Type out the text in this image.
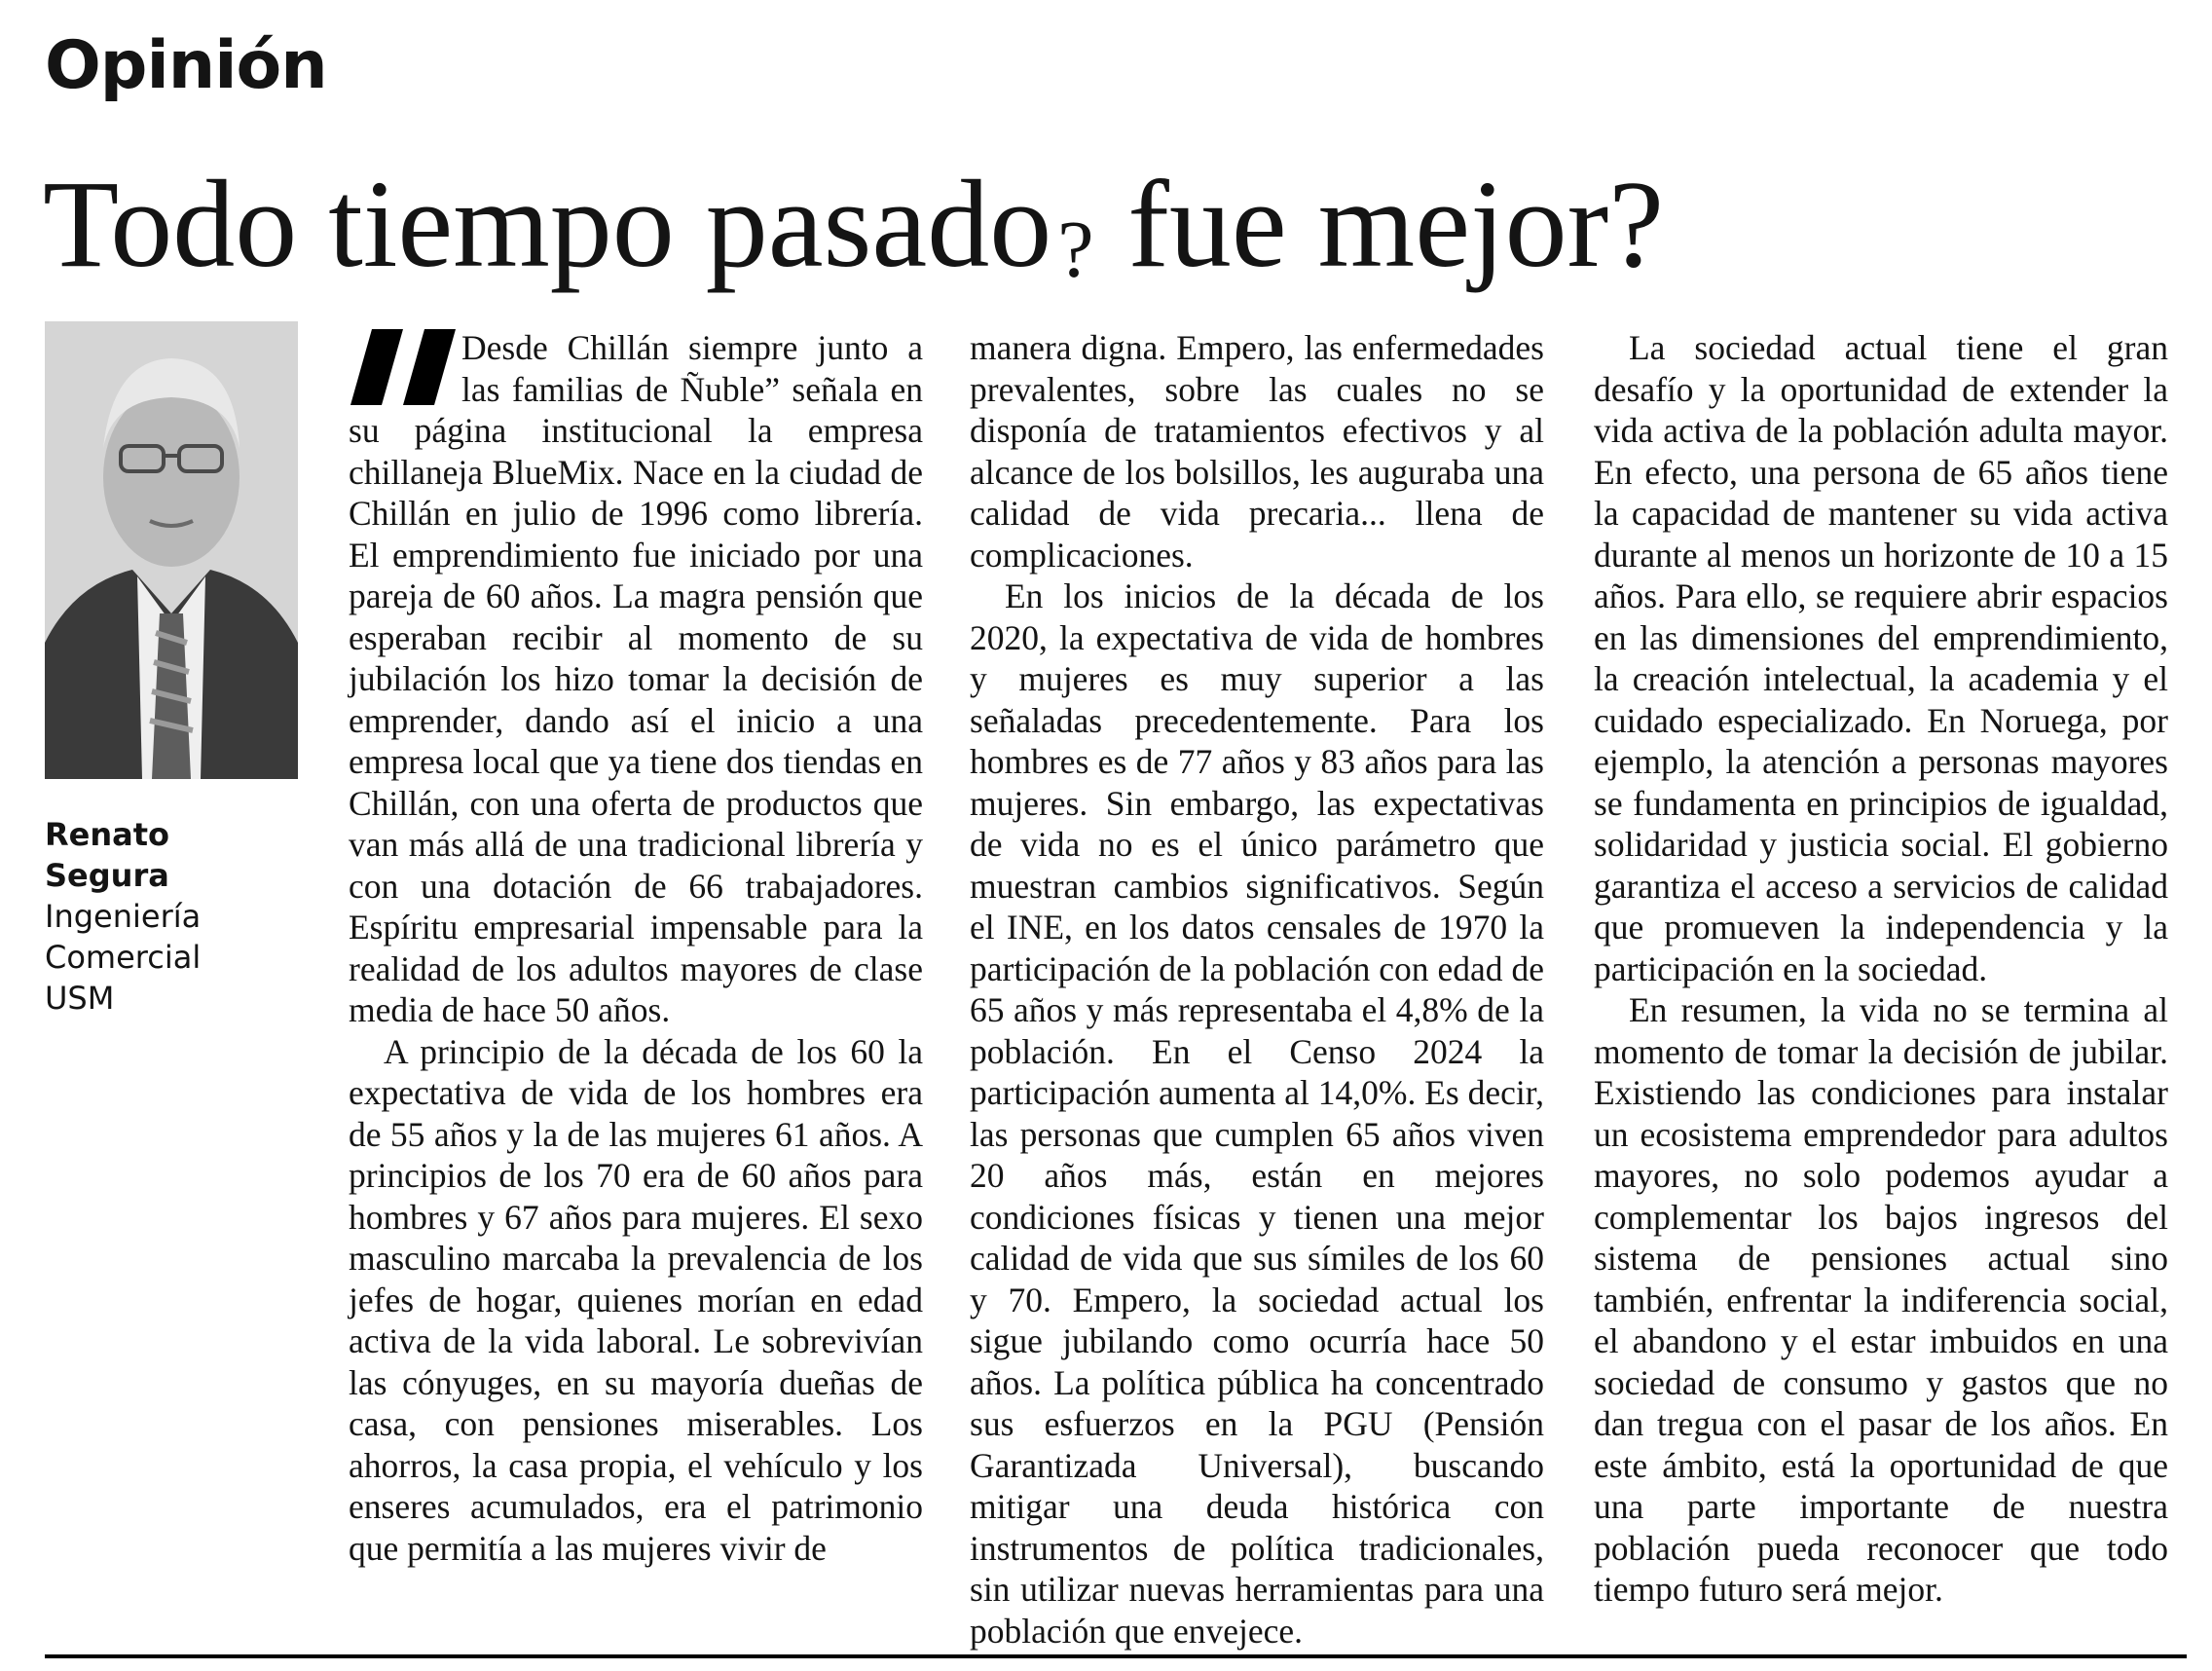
Opinión
Todo tiempo pasado ? fue mejor?
Renato
Segura
Ingeniería
Comercial
USM

Desde Chillán siempre junto a las familias de Ñuble” señala en su página institucional la empresa chillaneja BlueMix. Nace en la ciudad de Chillán en julio de 1996 como librería. El emprendimiento fue iniciado por una pareja de 60 años. La magra pensión que esperaban recibir al momento de su jubilación los hizo tomar la decisión de emprender, dando así el inicio a una empresa local que ya tiene dos tiendas en Chillán, con una oferta de productos que van más allá de una tradicional librería y con una dotación de 66 trabajadores. Espíritu empresarial impensable para la realidad de los adultos mayores de clase media de hace 50 años.

A principio de la década de los 60 la expectativa de vida de los hombres era de 55 años y la de las mujeres 61 años. A principios de los 70 era de 60 años para hombres y 67 años para mujeres. El sexo masculino marcaba la prevalencia de los jefes de hogar, quienes morían en edad activa de la vida laboral. Le sobrevivían las cónyuges, en su mayoría dueñas de casa, con pensiones miserables. Los ahorros, la casa propia, el vehículo y los enseres acumulados, era el patrimonio que permitía a las mujeres vivir de

manera digna. Empero, las enfermedades prevalentes, sobre las cuales no se disponía de tratamientos efectivos y al alcance de los bolsillos, les auguraba una calidad de vida precaria... llena de complicaciones.

En los inicios de la década de los 2020, la expectativa de vida de hombres y mujeres es muy superior a las señaladas precedentemente. Para los hombres es de 77 años y 83 años para las mujeres. Sin embargo, las expectativas de vida no es el único parámetro que muestran cambios significativos. Según el INE, en los datos censales de 1970 la participación de la población con edad de 65 años y más representaba el 4,8% de la población. En el Censo 2024 la participación aumenta al 14,0%. Es decir, las personas que cumplen 65 años viven 20 años más, están en mejores condiciones físicas y tienen una mejor calidad de vida que sus símiles de los 60 y 70. Empero, la sociedad actual los sigue jubilando como ocurría hace 50 años. La política pública ha concentrado sus esfuerzos en la PGU (Pensión Garantizada Universal), buscando mitigar una deuda histórica con instrumentos de política tradicionales, sin utilizar nuevas herramientas para una población que envejece.

La sociedad actual tiene el gran desafío y la oportunidad de extender la vida activa de la población adulta mayor. En efecto, una persona de 65 años tiene la capacidad de mantener su vida activa durante al menos un horizonte de 10 a 15 años. Para ello, se requiere abrir espacios en las dimensiones del emprendimiento, la creación intelectual, la academia y el cuidado especializado. En Noruega, por ejemplo, la atención a personas mayores se fundamenta en principios de igualdad, solidaridad y justicia social. El gobierno garantiza el acceso a servicios de calidad que promueven la independencia y la participación en la sociedad.

En resumen, la vida no se termina al momento de tomar la decisión de jubilar. Existiendo las condiciones para instalar un ecosistema emprendedor para adultos mayores, no solo podemos ayudar a complementar los bajos ingresos del sistema de pensiones actual sino también, enfrentar la indiferencia social, el abandono y el estar imbuidos en una sociedad de consumo y gastos que no dan tregua con el pasar de los años. En este ámbito, está la oportunidad de que una parte importante de nuestra población pueda reconocer que todo tiempo futuro será mejor.
